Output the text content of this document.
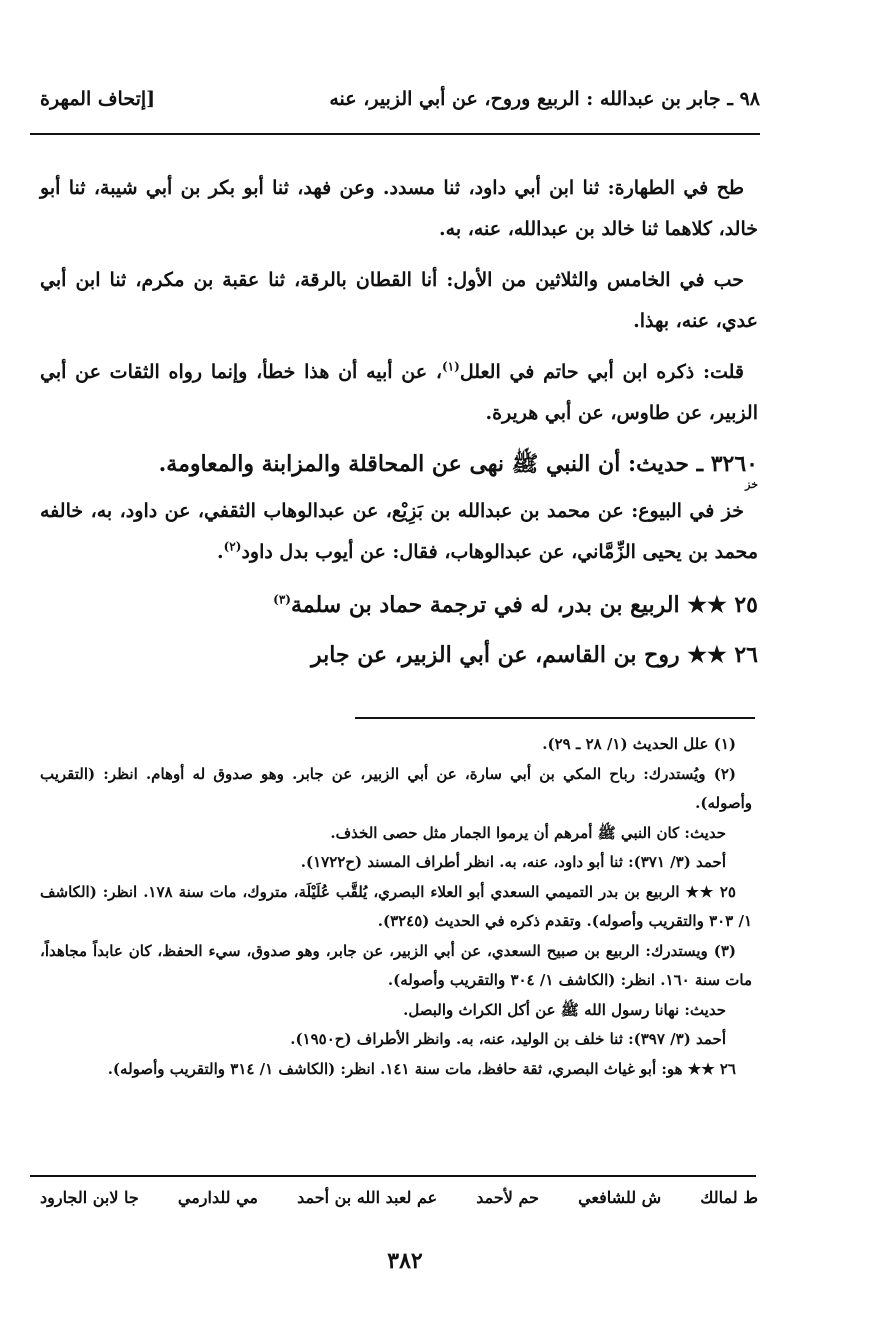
٩٨ ـ جابر بن عبدالله : الربيع وروح، عن أبي الزبير، عنه
[إتحاف المهرة

طح في الطهارة: ثنا ابن أبي داود، ثنا مسدد. وعن فهد، ثنا أبو بكر بن أبي شيبة، ثنا أبو خالد، كلاهما ثنا خالد بن عبدالله، عنه، به.

حب في الخامس والثلاثين من الأول: أنا القطان بالرقة، ثنا عقبة بن مكرم، ثنا ابن أبي عدي، عنه، بهذا.

قلت: ذكره ابن أبي حاتم في العلل$^{(١)}$، عن أبيه أن هذا خطأ، وإنما رواه الثقات عن أبي الزبير، عن طاوس، عن أبي هريرة.

٣٢٦٠ ـ حديث: أن النبي ﷺ نهى عن المحاقلة والمزابنة والمعاومة.

خز

خز في البيوع: عن محمد بن عبدالله بن بَزِيْع، عن عبدالوهاب الثقفي، عن داود، به، خالفه محمد بن يحيى الزِّمَّاني، عن عبدالوهاب، فقال: عن أيوب بدل داود$^{(٢)}$.

٢٥ ★★ الربيع بن بدر، له في ترجمة حماد بن سلمة$^{(٣)}$

٢٦ ★★ روح بن القاسم، عن أبي الزبير، عن جابر

(١) علل الحديث (١/ ٢٨ ـ ٢٩).

(٢) ويُستدرك: رباح المكي بن أبي سارة، عن أبي الزبير، عن جابر. وهو صدوق له أوهام. انظر: (التقريب وأصوله).

حديث: كان النبي ﷺ أمرهم أن يرموا الجمار مثل حصى الخذف.

أحمد (٣/ ٣٧١): ثنا أبو داود، عنه، به. انظر أطراف المسند (ح١٧٢٢).

٢٥ ★★ الربيع بن بدر التميمي السعدي أبو العلاء البصري، يُلقَّب عُلَيْلَة، متروك، مات سنة ١٧٨. انظر: (الكاشف ١/ ٣٠٣ والتقريب وأصوله). وتقدم ذكره في الحديث (٣٢٤٥).

(٣) ويستدرك: الربيع بن صبيح السعدي، عن أبي الزبير، عن جابر، وهو صدوق، سيء الحفظ، كان عابداً مجاهداً، مات سنة ١٦٠. انظر: (الكاشف ١/ ٣٠٤ والتقريب وأصوله).

حديث: نهانا رسول الله ﷺ عن أكل الكراث والبصل.

أحمد (٣/ ٣٩٧): ثنا خلف بن الوليد، عنه، به. وانظر الأطراف (ح١٩٥٠).

٢٦ ★★ هو: أبو غياث البصري، ثقة حافظ، مات سنة ١٤١. انظر: (الكاشف ١/ ٣١٤ والتقريب وأصوله).

ط لمالك
ش للشافعي
حم لأحمد
عم لعبد الله بن أحمد
مي للدارمي
جا لابن الجارود
٣٨٢
